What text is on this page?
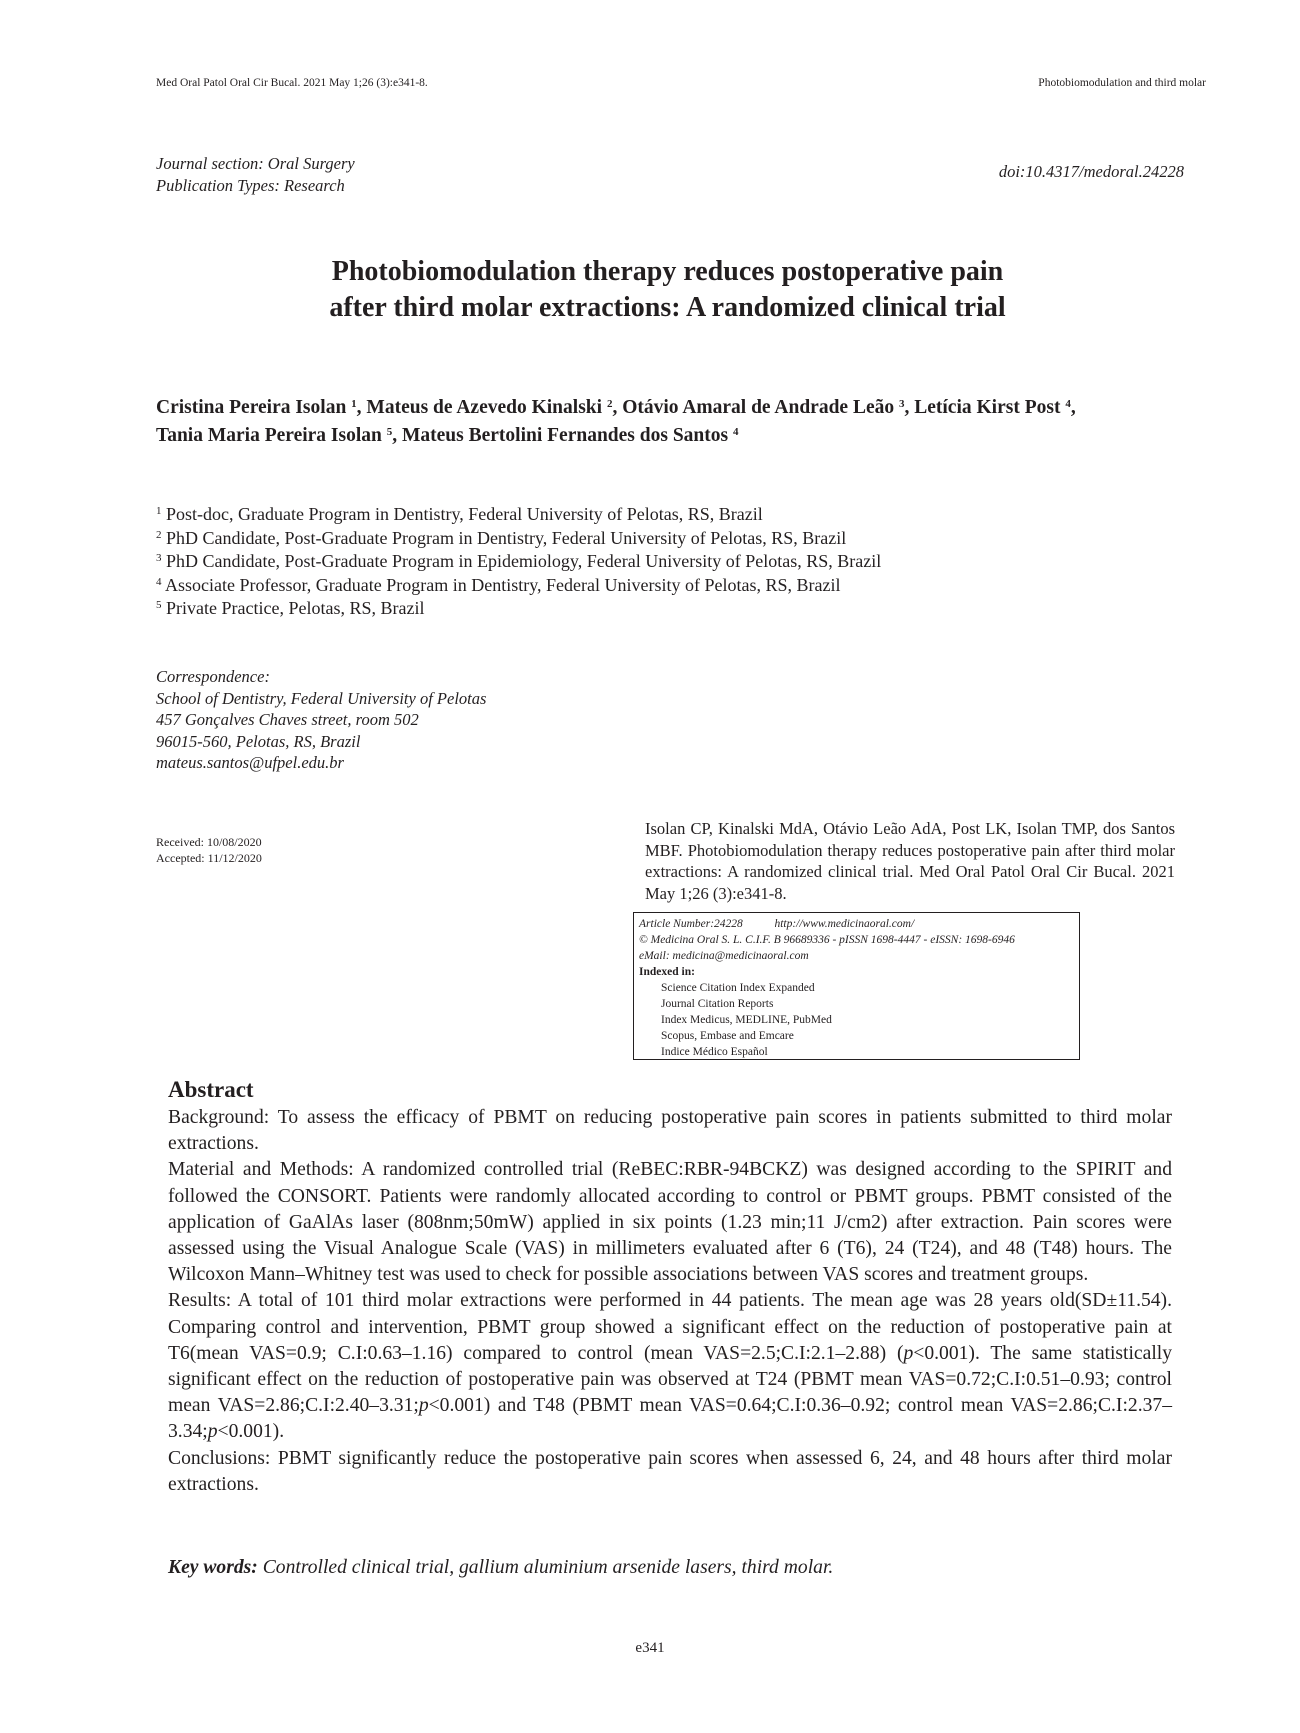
Med Oral Patol Oral Cir Bucal. 2021 May 1;26 (3):e341-8.	Photobiomodulation and third molar
Journal section: Oral Surgery
Publication Types: Research
doi:10.4317/medoral.24228
Photobiomodulation therapy reduces postoperative pain
after third molar extractions: A randomized clinical trial
Cristina Pereira Isolan $^1$, Mateus de Azevedo Kinalski $^2$, Otávio Amaral de Andrade Leão $^3$, Letícia Kirst Post $^4$,
Tania Maria Pereira Isolan $^5$, Mateus Bertolini Fernandes dos Santos $^4$
$^1$ Post-doc, Graduate Program in Dentistry, Federal University of Pelotas, RS, Brazil
$^2$ PhD Candidate, Post-Graduate Program in Dentistry, Federal University of Pelotas, RS, Brazil
$^3$ PhD Candidate, Post-Graduate Program in Epidemiology, Federal University of Pelotas, RS, Brazil
$^4$ Associate Professor, Graduate Program in Dentistry, Federal University of Pelotas, RS, Brazil
$^5$ Private Practice, Pelotas, RS, Brazil
Correspondence:
School of Dentistry, Federal University of Pelotas
457 Gonçalves Chaves street, room 502
96015-560, Pelotas, RS, Brazil
mateus.santos@ufpel.edu.br
Received: 10/08/2020
Accepted: 11/12/2020
Isolan CP, Kinalski MdA, Otávio Leão AdA, Post LK, Isolan TMP, dos Santos MBF. Photobiomodulation therapy reduces postoperative pain after third molar extractions: A randomized clinical trial. Med Oral Patol Oral Cir Bucal. 2021 May 1;26 (3):e341-8.
Article Number:24228	http://www.medicinaoral.com/
© Medicina Oral S. L. C.I.F. B 96689336 - pISSN 1698-4447 - eISSN: 1698-6946
eMail: medicina@medicinaoral.com
Indexed in:
Science Citation Index Expanded
Journal Citation Reports
Index Medicus, MEDLINE, PubMed
Scopus, Embase and Emcare
Indice Médico Español
Abstract

Background: To assess the efficacy of PBMT on reducing postoperative pain scores in patients submitted to third molar extractions.

Material and Methods: A randomized controlled trial (ReBEC:RBR-94BCKZ) was designed according to the SPIRIT and followed the CONSORT. Patients were randomly allocated according to control or PBMT groups. PBMT consisted of the application of GaAlAs laser (808nm;50mW) applied in six points (1.23 min;11 J/cm2) after extraction. Pain scores were assessed using the Visual Analogue Scale (VAS) in millimeters evaluated after 6 (T6), 24 (T24), and 48 (T48) hours. The Wilcoxon Mann–Whitney test was used to check for possible associations between VAS scores and treatment groups.

Results: A total of 101 third molar extractions were performed in 44 patients. The mean age was 28 years old(SD±11.54). Comparing control and intervention, PBMT group showed a significant effect on the reduction of postoperative pain at T6(mean VAS=0.9; C.I:0.63–1.16) compared to control (mean VAS=2.5;C.I:2.1–2.88) (p<0.001). The same statistically significant effect on the reduction of postoperative pain was observed at T24 (PBMT mean VAS=0.72;C.I:0.51–0.93; control mean VAS=2.86;C.I:2.40–3.31;p<0.001) and T48 (PBMT mean VAS=0.64;C.I:0.36–0.92; control mean VAS=2.86;C.I:2.37–3.34;p<0.001).

Conclusions: PBMT significantly reduce the postoperative pain scores when assessed 6, 24, and 48 hours after third molar extractions.

Key words: Controlled clinical trial, gallium aluminium arsenide lasers, third molar.
e341
